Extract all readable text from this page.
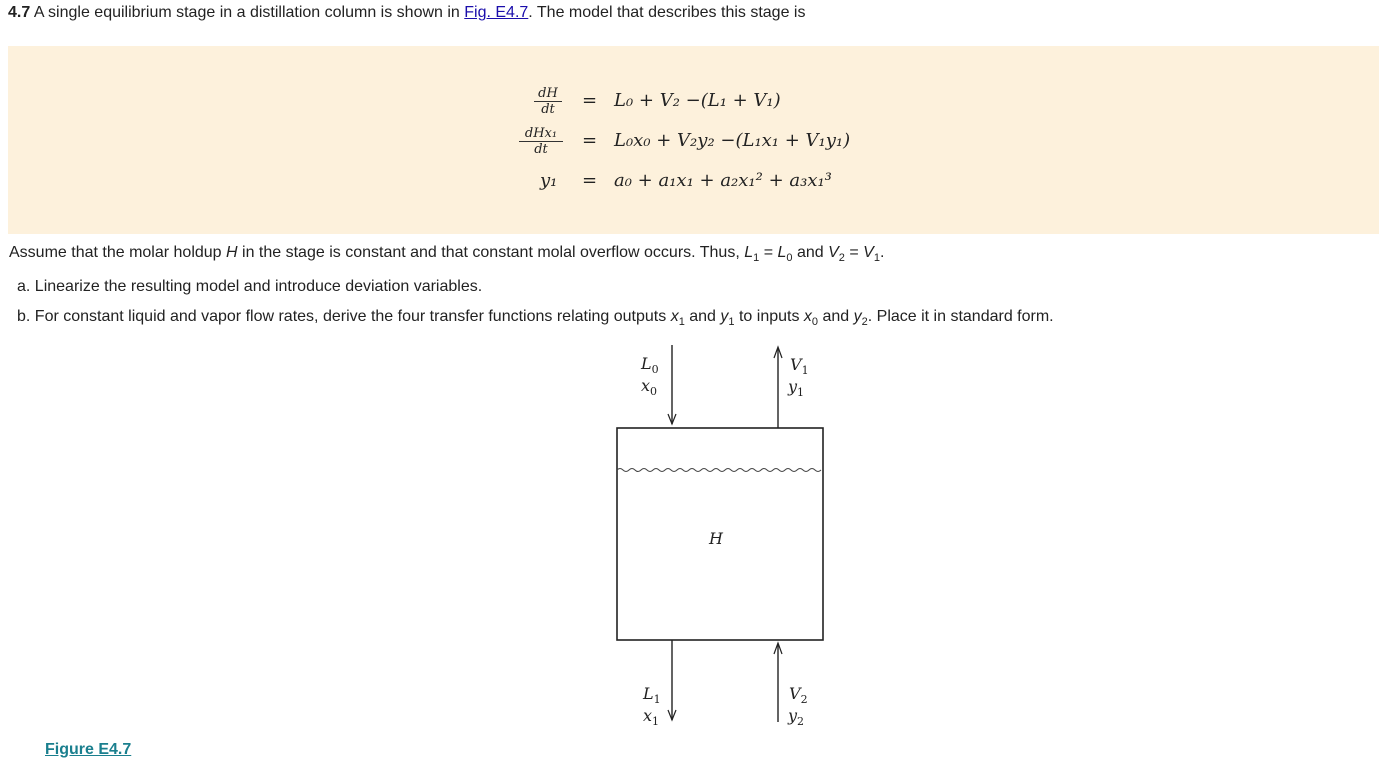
4.7 A single equilibrium stage in a distillation column is shown in Fig. E4.7. The model that describes this stage is
$\frac{dH}{dt} = L_0 + V_2 -(L_1 + V_1)$
dHx₁
dt	= L₀x₀ + V₂y₂ −(L₁x₁ + V₁y₁)
y₁ = a₀ + a₁x₁ + a₂x₁² + a₃x₁³
Assume that the molar holdup H in the stage is constant and that constant molal overflow occurs. Thus, $L_1 = L_0$ and $V_2 = V_1$.
a. Linearize the resulting model and introduce deviation variables.
b. For constant liquid and vapor flow rates, derive the four transfer functions relating outputs $x_1$ and $y_1$ to inputs $x_0$ and $y_2$. Place it in standard form.
$L_0$
$x_0$
$V_1$
$y_1$
H
$L_1$
$x_1$
$V_2$
$y_2$
Figure E4.7
